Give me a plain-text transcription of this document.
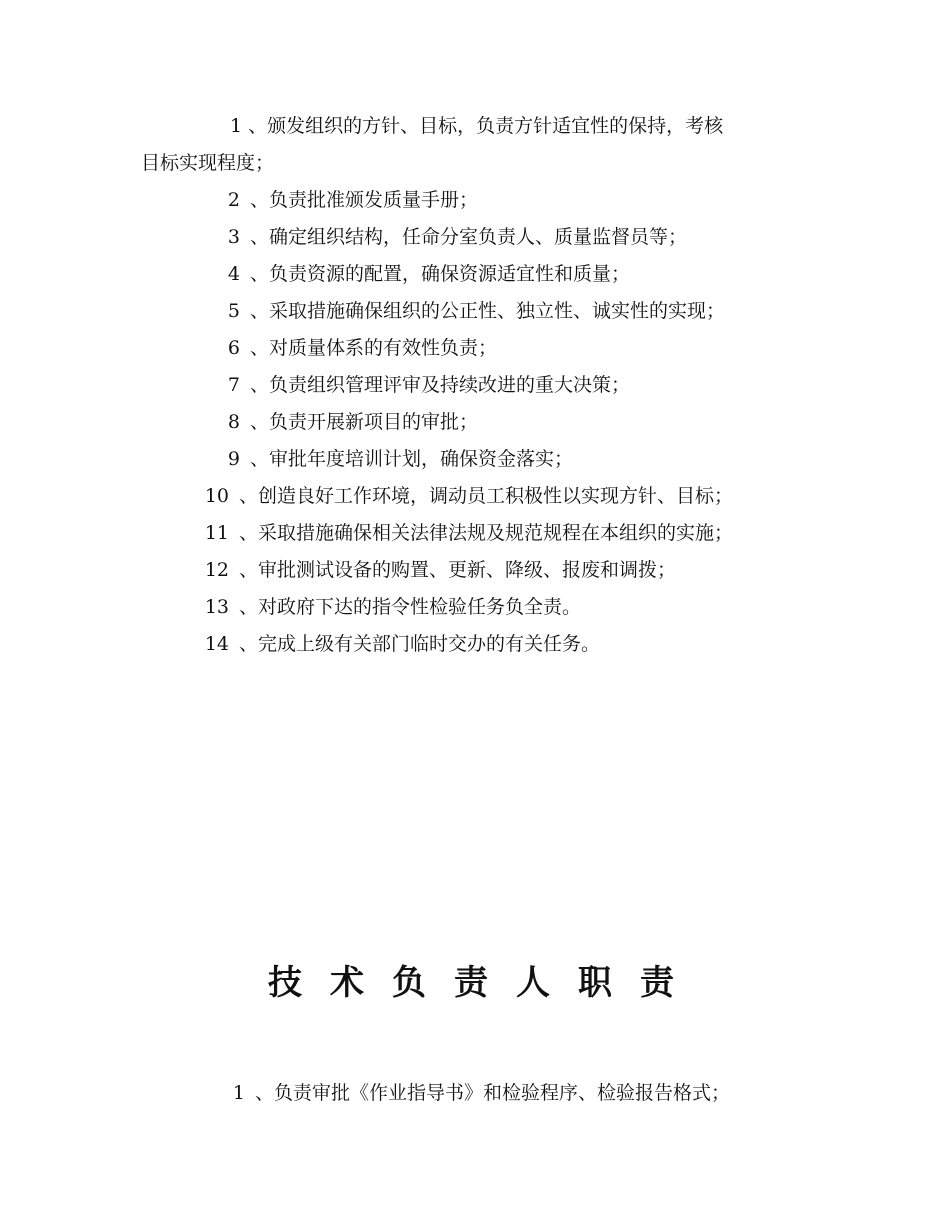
1 、颁发组织的方针、目标，负责方针适宜性的保持，考核
目标实现程度；
2 、负责批准颁发质量手册；
3 、确定组织结构，任命分室负责人、质量监督员等；
4 、负责资源的配置，确保资源适宜性和质量；
5 、采取措施确保组织的公正性、独立性、诚实性的实现；
6 、对质量体系的有效性负责；
7 、负责组织管理评审及持续改进的重大决策；
8 、负责开展新项目的审批；
9 、审批年度培训计划，确保资金落实；
10 、创造良好工作环境，调动员工积极性以实现方针、目标；
11 、采取措施确保相关法律法规及规范规程在本组织的实施；
12 、审批测试设备的购置、更新、降级、报废和调拨；
13 、对政府下达的指令性检验任务负全责。
14 、完成上级有关部门临时交办的有关任务。
技术负责人职责
1 、负责审批《作业指导书》和检验程序、检验报告格式；
